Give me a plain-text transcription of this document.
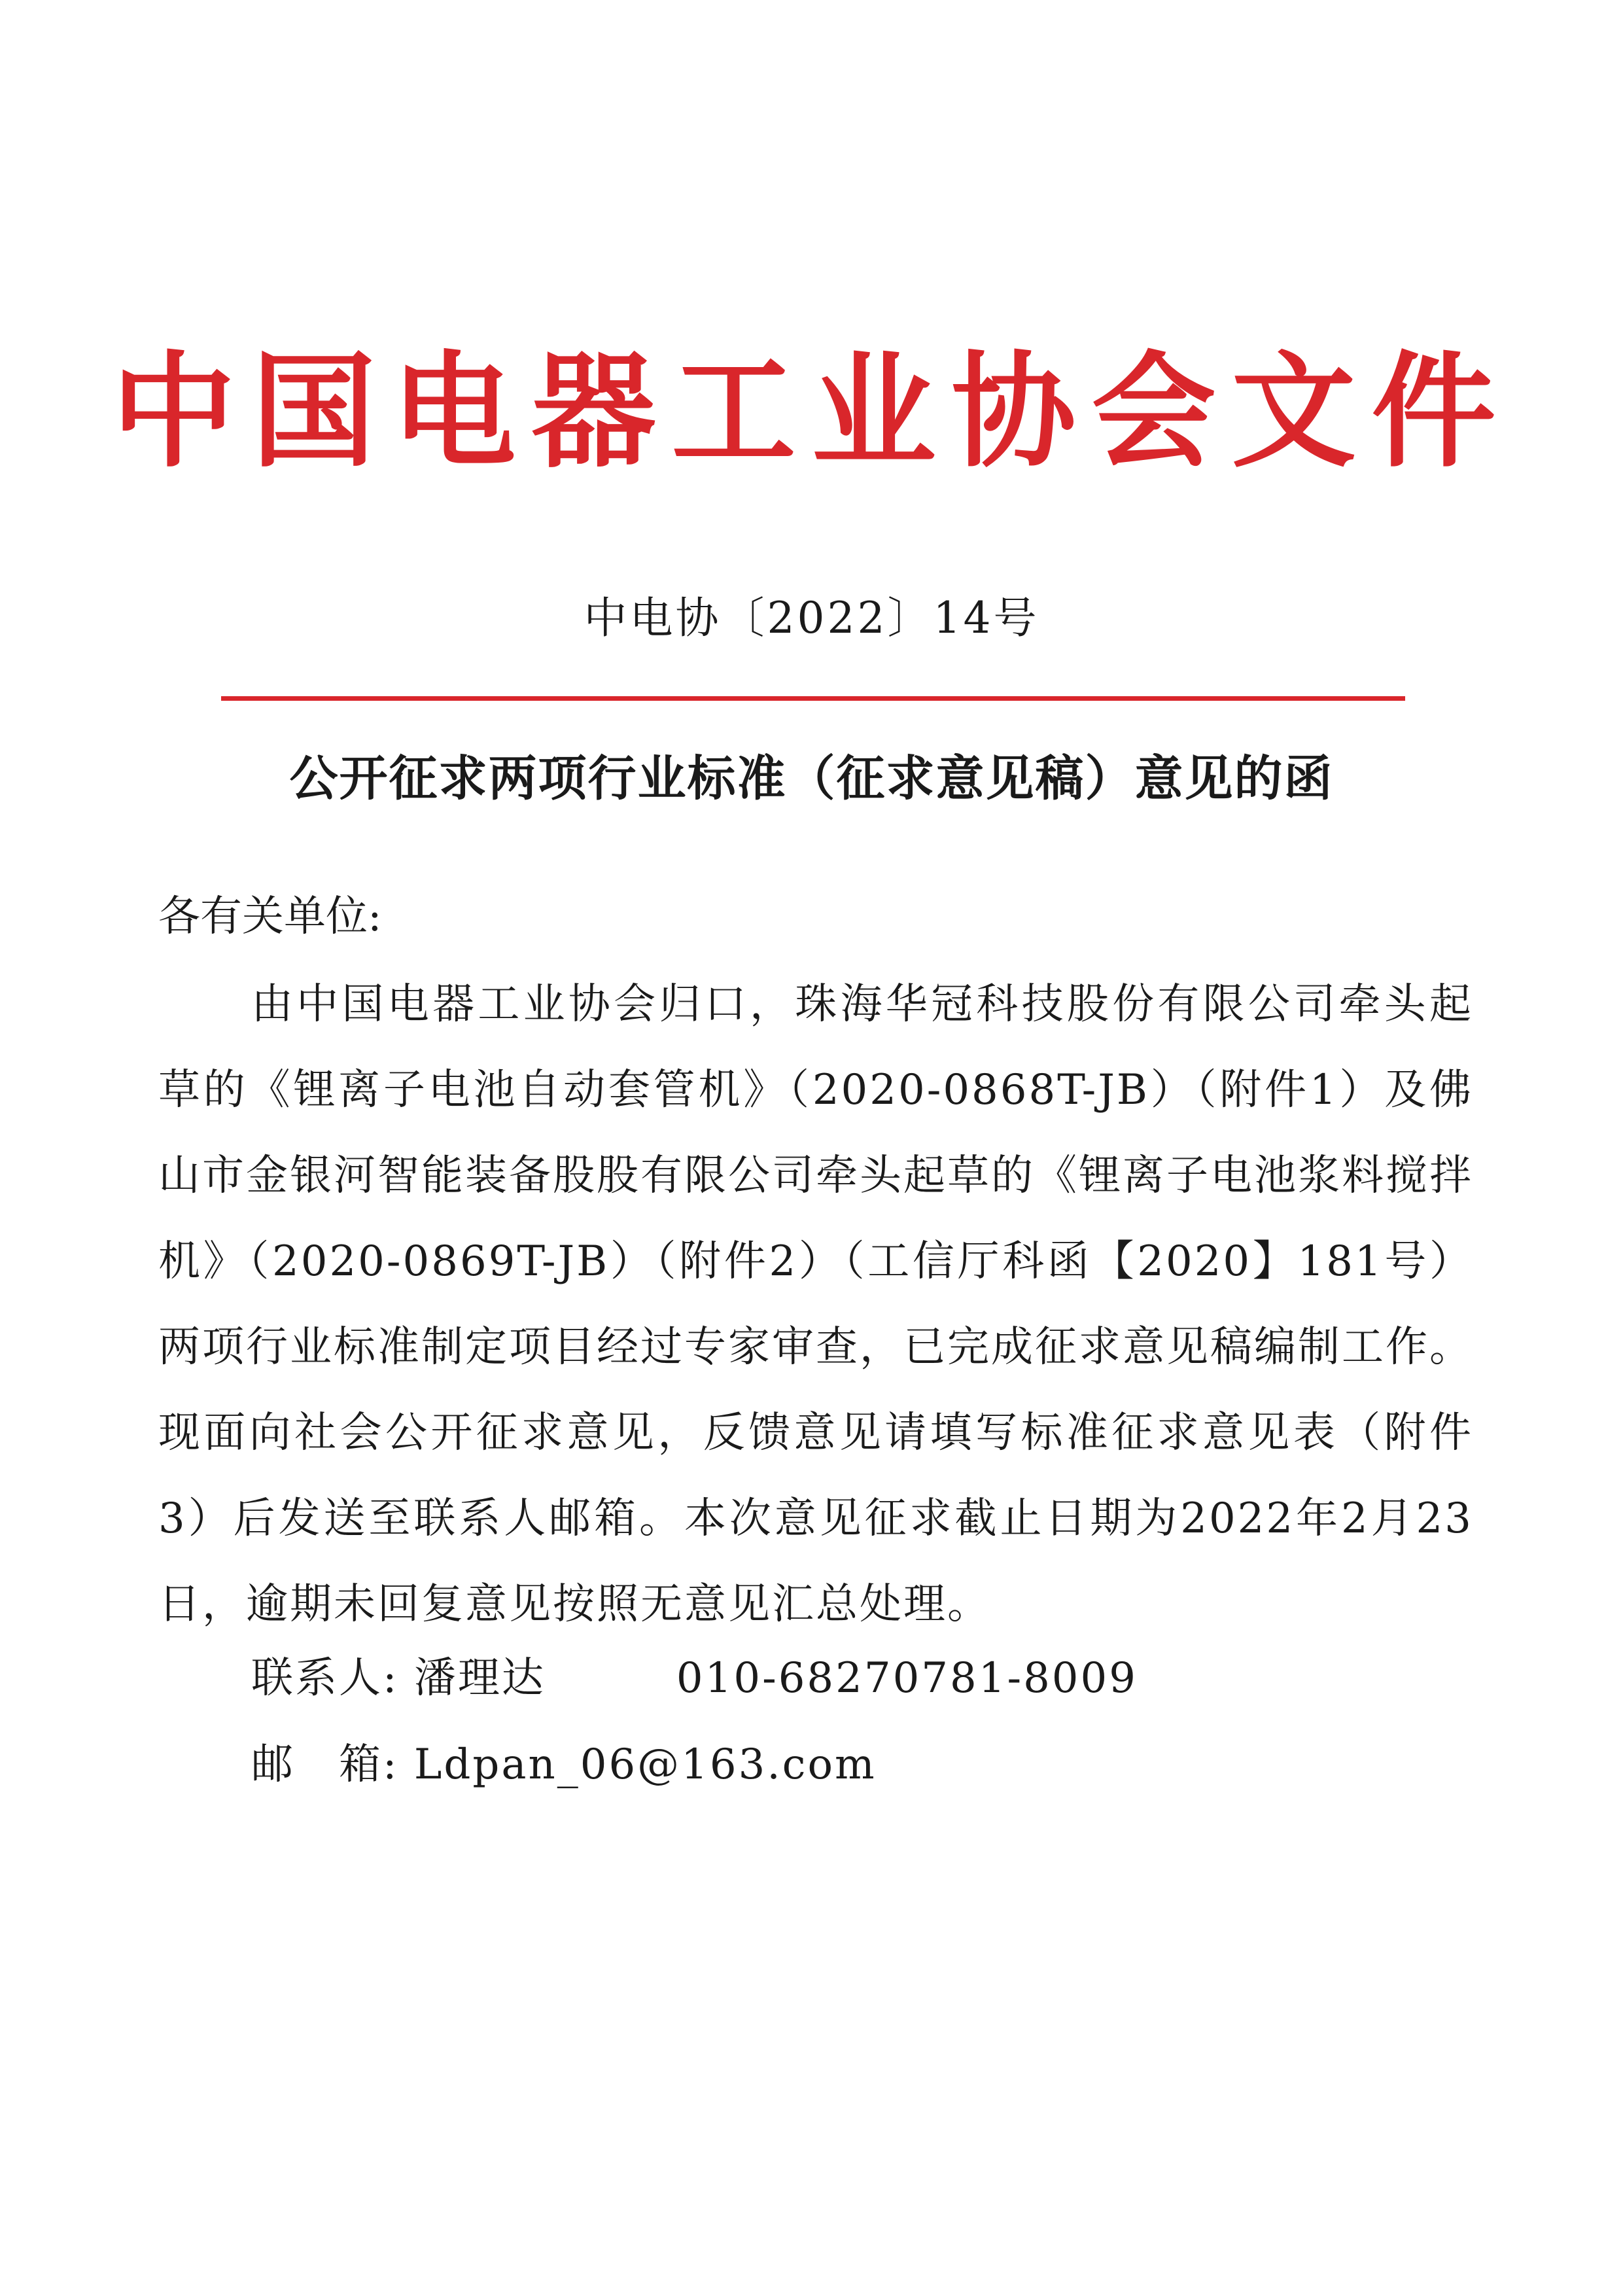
中国电器工业协会文件
中电协〔2022〕14号
公开征求两项行业标准（征求意见稿）意见的函
各有关单位:

由中国电器工业协会归口，珠海华冠科技股份有限公司牵头起草的《锂离子电池自动套管机》（2020-0868T-JB）（附件1）及佛山市金银河智能装备股股有限公司牵头起草的《锂离子电池浆料搅拌机》（2020-0869T-JB）（附件2）（工信厅科函【2020】181号）两项行业标准制定项目经过专家审查，已完成征求意见稿编制工作。现面向社会公开征求意见，反馈意见请填写标准征求意见表（附件3）后发送至联系人邮箱。本次意见征求截止日期为2022年2月23日，逾期未回复意见按照无意见汇总处理。

联系人: 潘理达	010-68270781-8009
邮　箱: Ldpan_06@163.com
